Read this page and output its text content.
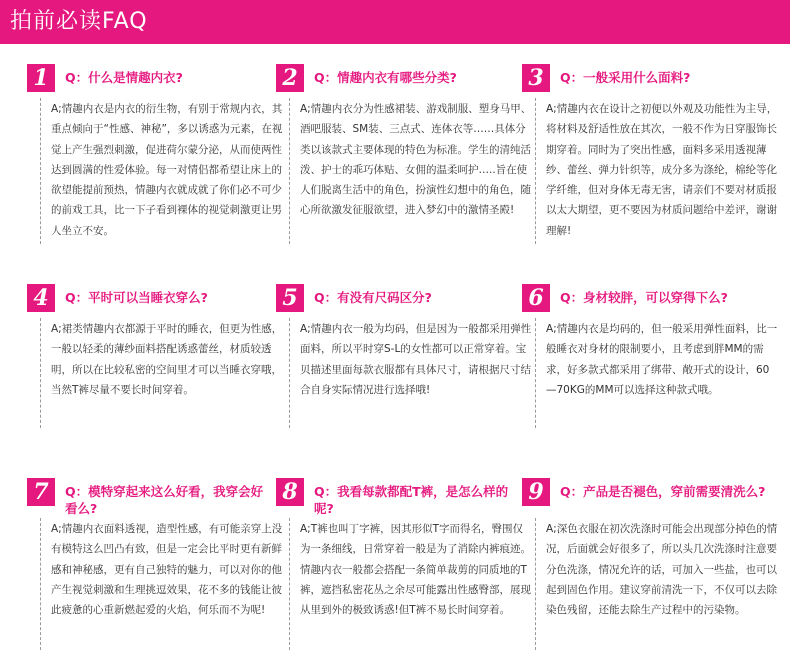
拍前必读FAQ
1	Q：什么是情趣内衣?
A;情趣内衣是内衣的衍生物，有别于常规内衣，其重点倾向于“性感、神秘”，多以诱惑为元素，在视觉上产生强烈刺激，促进荷尔蒙分泌，从而使两性达到圆满的性爱体验。每一对情侣都希望让床上的欲望能提前预热，情趣内衣就成就了你们必不可少的前戏工具，比一下子看到裸体的视觉刺激更让男人坐立不安。
2	Q：情趣内衣有哪些分类?
A;情趣内衣分为性感裙装、游戏制服、塑身马甲、酒吧服装、SM装、三点式、连体衣等……具体分类以该款式主要体现的特色为标准。学生的清纯活泼、护士的乖巧体贴、女佣的温柔呵护…..旨在使人们脱离生活中的角色，扮演性幻想中的角色，随心所欲激发征服欲望，进入梦幻中的激情圣殿!
3	Q：一般采用什么面料?
A;情趣内衣在设计之初便以外观及功能性为主导，将材料及舒适性放在其次，一般不作为日穿服饰长期穿着。同时为了突出性感，面料多采用透视薄纱、蕾丝、弹力针织等，成分多为涤纶，棉纶等化学纤维，但对身体无毒无害，请亲们不要对材质报以太大期望，更不要因为材质问题给中差评，谢谢理解!
4	Q：平时可以当睡衣穿么?
A;裙类情趣内衣都源于平时的睡衣，但更为性感，一般以轻柔的薄纱面料搭配诱惑蕾丝，材质较透明，所以在比较私密的空间里才可以当睡衣穿哦，当然T裤尽量不要长时间穿着。
5	Q：有没有尺码区分?
A;情趣内衣一般为均码，但是因为一般都采用弹性面料，所以平时穿S-L的女性都可以正常穿着。宝贝描述里面每款衣服都有具体尺寸，请根据尺寸结合自身实际情况进行选择哦!
6	Q：身材较胖，可以穿得下么?
A;情趣内衣是均码的，但一般采用弹性面料，比一般睡衣对身材的限制要小，且考虑到胖MM的需求，好多款式都采用了绑带、敞开式的设计，60—70KG的MM可以选择这种款式哦。
7	Q：模特穿起来这么好看，我穿会好看么?
A;情趣内衣面料透视，造型性感，有可能亲穿上没有模特这么凹凸有致，但是一定会比平时更有新鲜感和神秘感，更有自己独特的魅力，可以对你的他产生视觉刺激和生理挑逗效果，花不多的钱能让彼此疲惫的心重新燃起爱的火焰，何乐而不为呢!
8	Q：我看每款都配T裤，是怎么样的呢?
A;T裤也叫丁字裤，因其形似T字而得名，臀围仅为一条细线，日常穿着一般是为了消除内裤痕迹。情趣内衣一般都会搭配一条简单裁剪的同质地的T裤，遮挡私密花丛之余尽可能露出性感臀部，展现从里到外的极致诱惑!但T裤不易长时间穿着。
9	Q：产品是否褪色，穿前需要清洗么?
A;深色衣服在初次洗涤时可能会出现部分掉色的情况，后面就会好很多了，所以头几次洗涤时注意要分色洗涤，情况允许的话，可加入一些盐，也可以起到固色作用。建议穿前清洗一下，不仅可以去除染色残留，还能去除生产过程中的污染物。
